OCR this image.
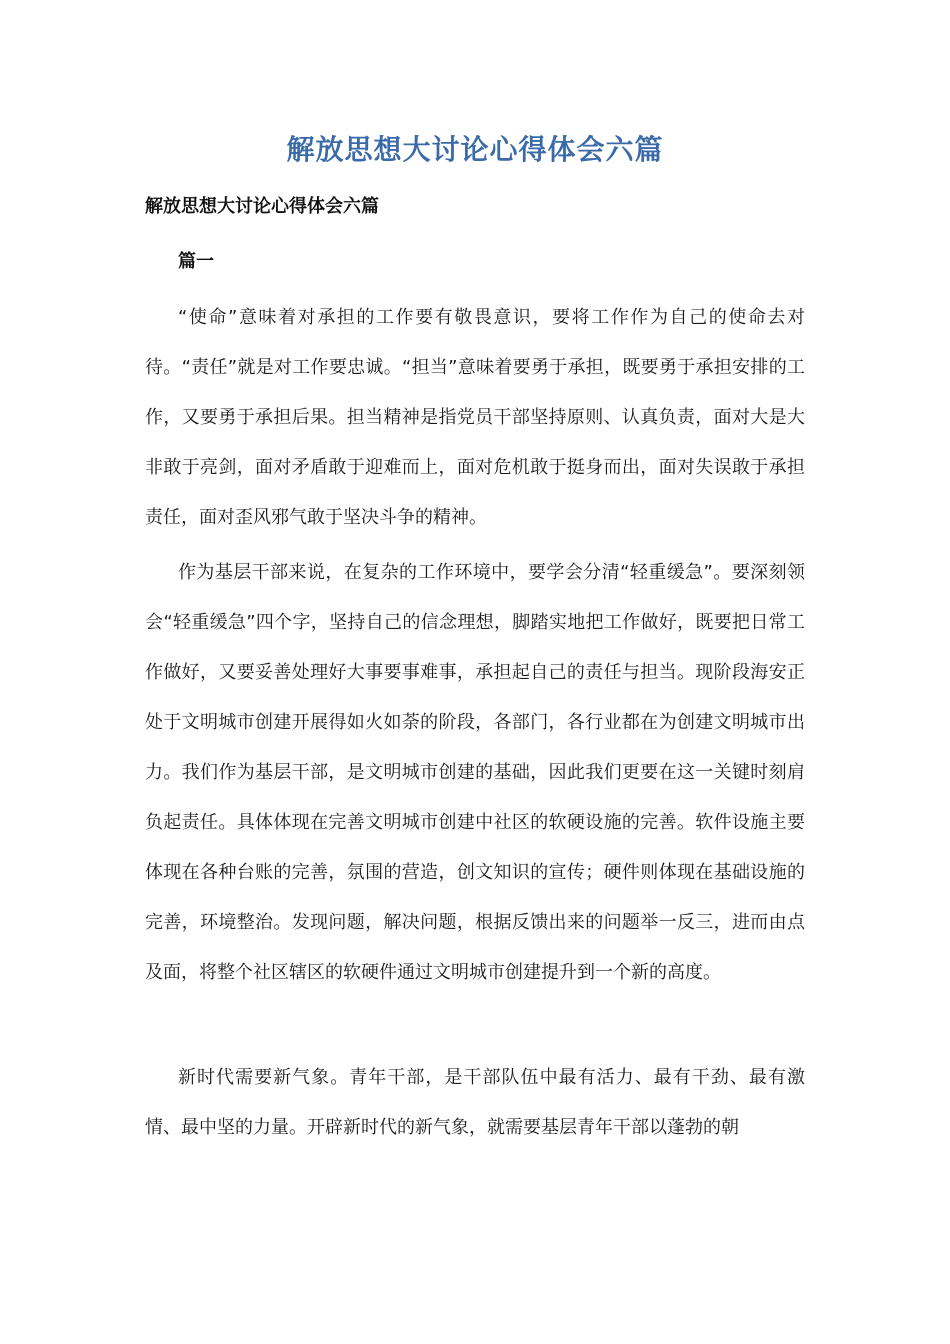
解放思想大讨论心得体会六篇
解放思想大讨论心得体会六篇
篇一

“使命”意味着对承担的工作要有敬畏意识，要将工作作为自己的使命去对待。“责任”就是对工作要忠诚。“担当”意味着要勇于承担，既要勇于承担安排的工作，又要勇于承担后果。担当精神是指党员干部坚持原则、认真负责，面对大是大非敢于亮剑，面对矛盾敢于迎难而上，面对危机敢于挺身而出，面对失误敢于承担责任，面对歪风邪气敢于坚决斗争的精神。

作为基层干部来说，在复杂的工作环境中，要学会分清“轻重缓急”。要深刻领会“轻重缓急”四个字，坚持自己的信念理想，脚踏实地把工作做好，既要把日常工作做好，又要妥善处理好大事要事难事，承担起自己的责任与担当。现阶段海安正处于文明城市创建开展得如火如荼的阶段，各部门，各行业都在为创建文明城市出力。我们作为基层干部，是文明城市创建的基础，因此我们更要在这一关键时刻肩负起责任。具体体现在完善文明城市创建中社区的软硬设施的完善。软件设施主要体现在各种台账的完善，氛围的营造，创文知识的宣传；硬件则体现在基础设施的完善，环境整治。发现问题，解决问题，根据反馈出来的问题举一反三，进而由点及面，将整个社区辖区的软硬件通过文明城市创建提升到一个新的高度。

新时代需要新气象。青年干部，是干部队伍中最有活力、最有干劲、最有激情、最中坚的力量。开辟新时代的新气象，就需要基层青年干部以蓬勃的朝
